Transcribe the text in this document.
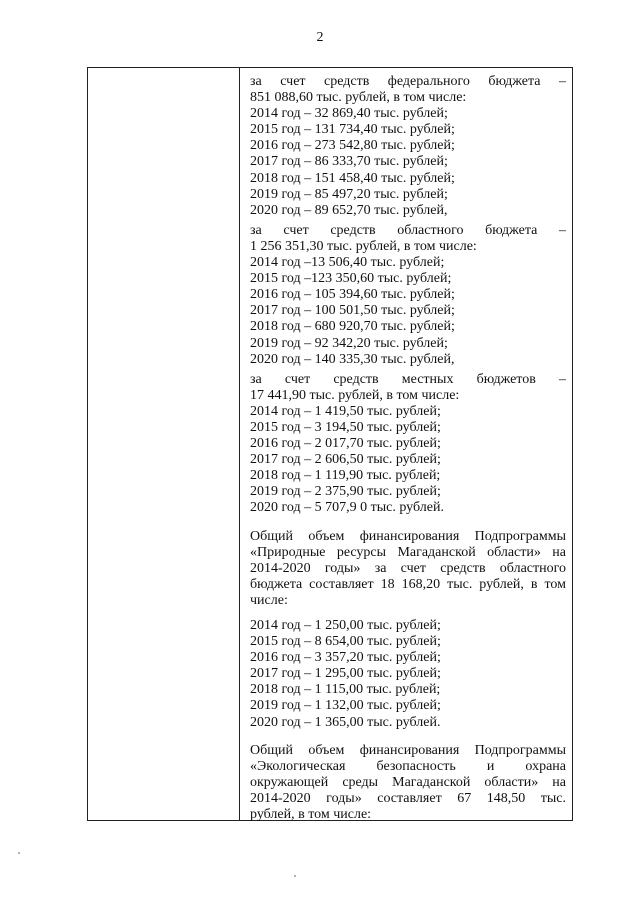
2
за счет средств федерального бюджета –
851 088,60 тыс. рублей, в том числе:
2014 год – 32 869,40 тыс. рублей;
2015 год – 131 734,40 тыс. рублей;
2016 год – 273 542,80 тыс. рублей;
2017 год – 86 333,70 тыс. рублей;
2018 год – 151 458,40 тыс. рублей;
2019 год – 85 497,20 тыс. рублей;
2020 год – 89 652,70 тыс. рублей,
за счет средств областного бюджета –
1 256 351,30 тыс. рублей, в том числе:
2014 год –13 506,40 тыс. рублей;
2015 год –123 350,60 тыс. рублей;
2016 год – 105 394,60 тыс. рублей;
2017 год – 100 501,50 тыс. рублей;
2018 год – 680 920,70 тыс. рублей;
2019 год – 92 342,20 тыс. рублей;
2020 год – 140 335,30 тыс. рублей,
за счет средств местных бюджетов –
17 441,90 тыс. рублей, в том числе:
2014 год – 1 419,50 тыс. рублей;
2015 год – 3 194,50 тыс. рублей;
2016 год – 2 017,70 тыс. рублей;
2017 год – 2 606,50 тыс. рублей;
2018 год – 1 119,90 тыс. рублей;
2019 год – 2 375,90 тыс. рублей;
2020 год – 5 707,9 0 тыс. рублей.
Общий объем финансирования Подпрограммы
«Природные ресурсы Магаданской области» на
2014-2020 годы» за счет средств областного
бюджета составляет 18 168,20 тыс. рублей, в том
числе:
2014 год – 1 250,00 тыс. рублей;
2015 год – 8 654,00 тыс. рублей;
2016 год – 3 357,20 тыс. рублей;
2017 год – 1 295,00 тыс. рублей;
2018 год – 1 115,00 тыс. рублей;
2019 год – 1 132,00 тыс. рублей;
2020 год – 1 365,00 тыс. рублей.
Общий объем финансирования Подпрограммы
«Экологическая безопасность и охрана
окружающей среды Магаданской области» на
2014-2020 годы» составляет 67 148,50 тыс.
рублей, в том числе:
